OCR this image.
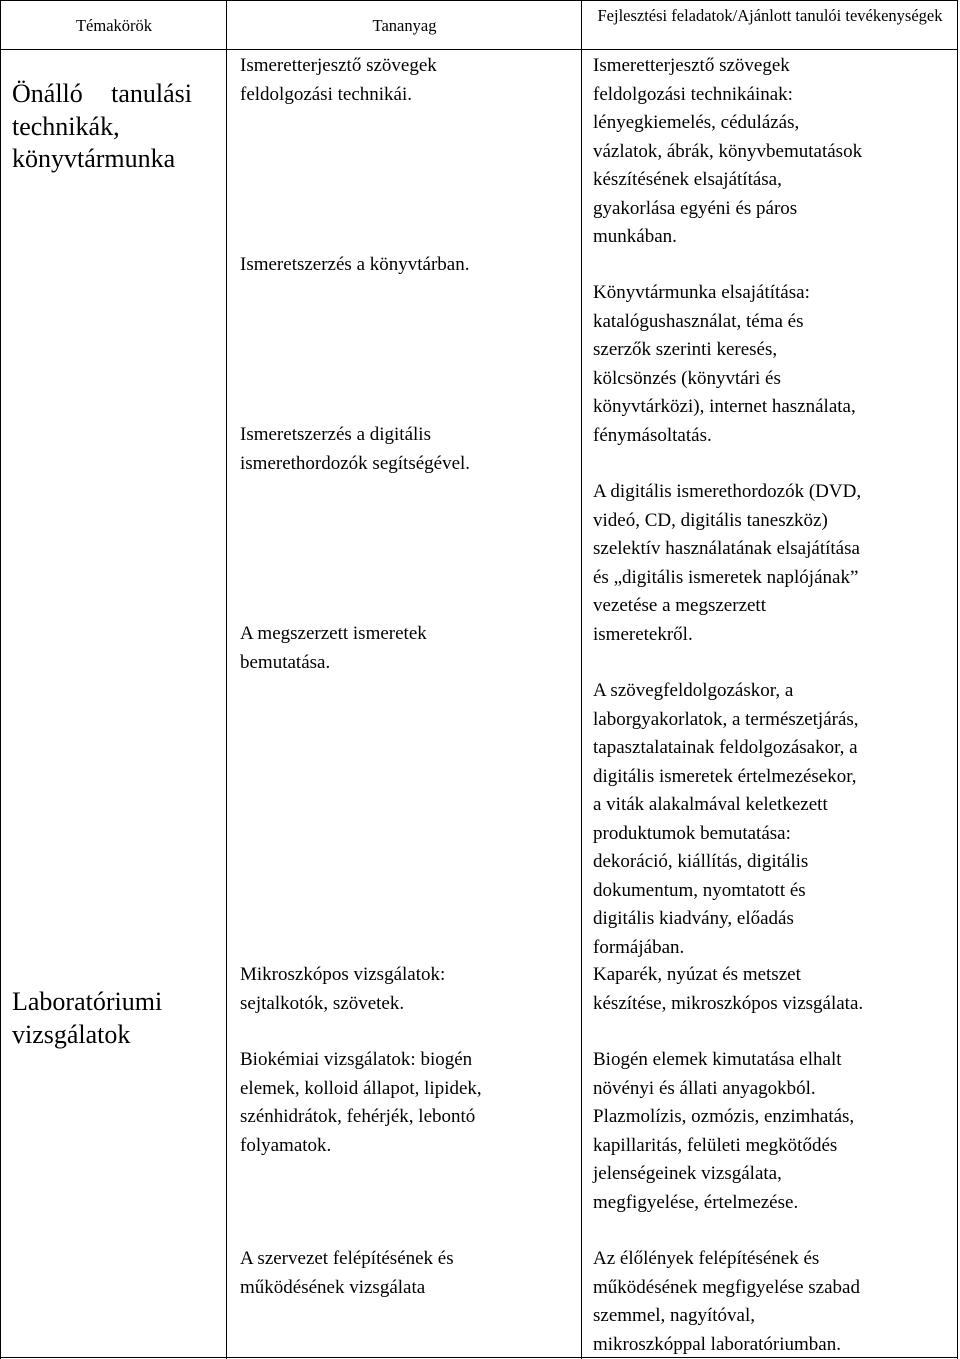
Témakörök	Tananyag
Fejlesztési feladatok/Ajánlott tanulói tevékenységek
Önálló tanulási technikák, könyvtármunka
Ismeretterjesztő szövegek
feldolgozási technikái.
Ismeretszerzés a könyvtárban.
Ismeretszerzés a digitális
ismerethordozók segítségével.
A megszerzett ismeretek
bemutatása.
Ismeretterjesztő szövegek
feldolgozási technikáinak:
lényegkiemelés, cédulázás,
vázlatok, ábrák, könyvbemutatások
készítésének elsajátítása,
gyakorlása egyéni és páros
munkában.
Könyvtármunka elsajátítása:
katalógushasználat, téma és
szerzők szerinti keresés,
kölcsönzés (könyvtári és
könyvtárközi), internet használata,
fénymásoltatás.
A digitális ismerethordozók (DVD,
videó, CD, digitális taneszköz)
szelektív használatának elsajátítása
és „digitális ismeretek naplójának”
vezetése a megszerzett
ismeretekről.
A szövegfeldolgozáskor, a
laborgyakorlatok, a természetjárás,
tapasztalatainak feldolgozásakor, a
digitális ismeretek értelmezésekor,
a viták alakalmával keletkezett
produktumok bemutatása:
dekoráció, kiállítás, digitális
dokumentum, nyomtatott és
digitális kiadvány, előadás
formájában.
Laboratóriumi vizsgálatok
Mikroszkópos vizsgálatok:
sejtalkotók, szövetek.
Biokémiai vizsgálatok: biogén
elemek, kolloid állapot, lipidek,
szénhidrátok, fehérjék, lebontó
folyamatok.
A szervezet felépítésének és
működésének vizsgálata
Kaparék, nyúzat és metszet
készítése, mikroszkópos vizsgálata.
Biogén elemek kimutatása elhalt
növényi és állati anyagokból.
Plazmolízis, ozmózis, enzimhatás,
kapillaritás, felületi megkötődés
jelenségeinek vizsgálata,
megfigyelése, értelmezése.
Az élőlények felépítésének és
működésének megfigyelése szabad
szemmel, nagyítóval,
mikroszkóppal laboratóriumban.
